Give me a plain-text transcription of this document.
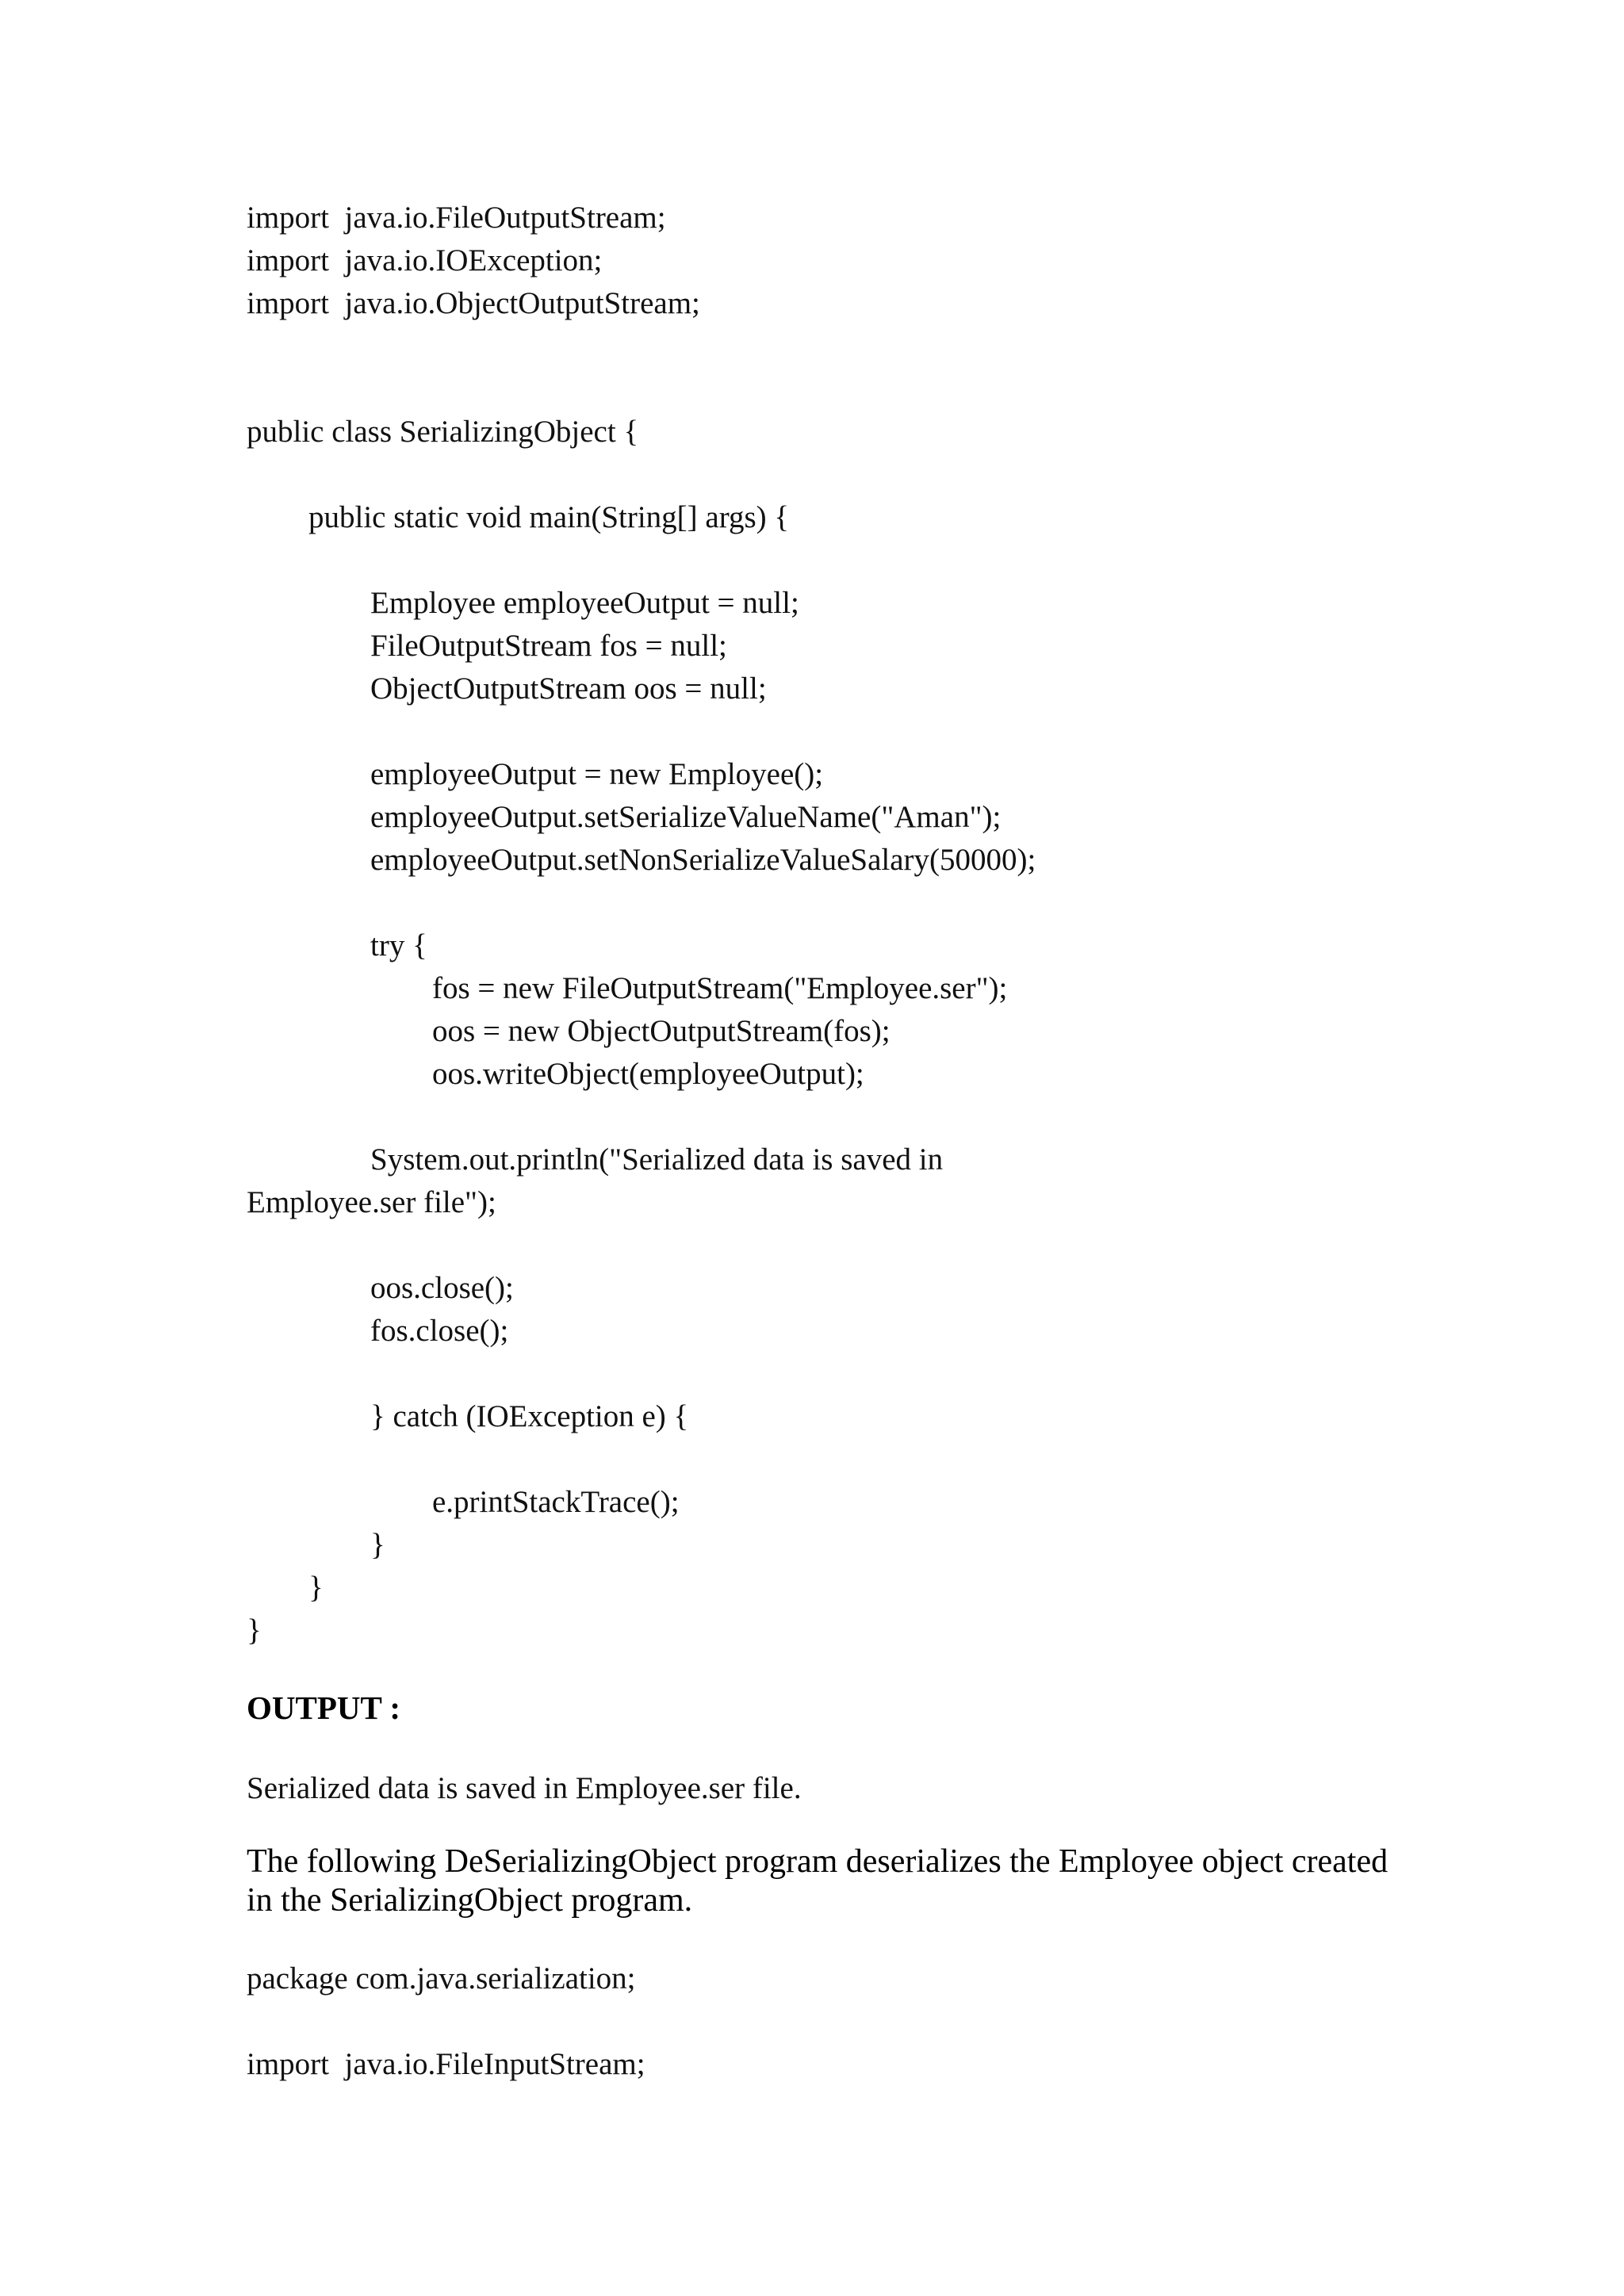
import  java.io.FileOutputStream;
import  java.io.IOException;
import  java.io.ObjectOutputStream;

public class SerializingObject {

public static void main(String[] args) {

Employee employeeOutput = null;
FileOutputStream fos = null;
ObjectOutputStream oos = null;

employeeOutput = new Employee();
employeeOutput.setSerializeValueName("Aman");
employeeOutput.setNonSerializeValueSalary(50000);

try {
fos = new FileOutputStream("Employee.ser");
oos = new ObjectOutputStream(fos);
oos.writeObject(employeeOutput);

System.out.println("Serialized data is saved in
Employee.ser file");

oos.close();
fos.close();

} catch (IOException e) {

e.printStackTrace();
}
}
}
OUTPUT :
Serialized data is saved in Employee.ser file.
The following DeSerializingObject program deserializes the Employee object created in the SerializingObject program.
package com.java.serialization;

import  java.io.FileInputStream;
